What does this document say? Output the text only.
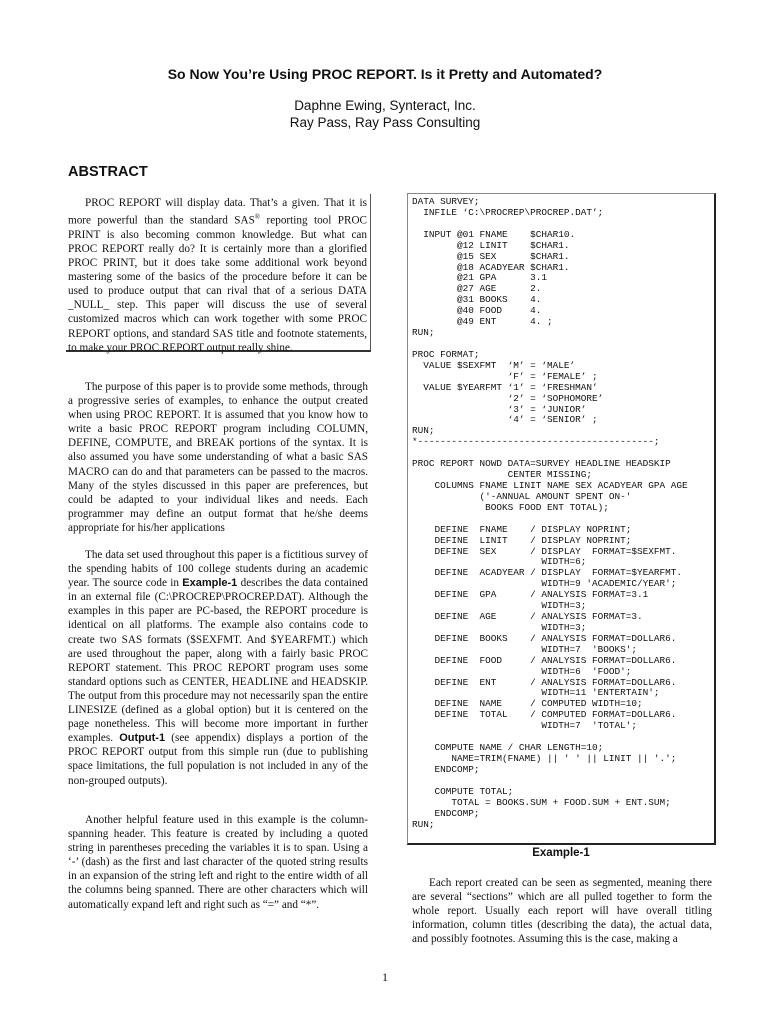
So Now You’re Using PROC REPORT. Is it Pretty and Automated?
Daphne Ewing, Synteract, Inc.
Ray Pass, Ray Pass Consulting
ABSTRACT

PROC REPORT will display data. That’s a given. That it is more powerful than the standard SAS® reporting tool PROC PRINT is also becoming common knowledge. But what can PROC REPORT really do? It is certainly more than a glorified PROC PRINT, but it does take some additional work beyond mastering some of the basics of the procedure before it can be used to produce output that can rival that of a serious DATA _NULL_ step. This paper will discuss the use of several customized macros which can work together with some PROC REPORT options, and standard SAS title and footnote statements, to make your PROC REPORT output really shine.

The purpose of this paper is to provide some methods, through a progressive series of examples, to enhance the output created when using PROC REPORT. It is assumed that you know how to write a basic PROC REPORT program including COLUMN, DEFINE, COMPUTE, and BREAK portions of the syntax. It is also assumed you have some understanding of what a basic SAS MACRO can do and that parameters can be passed to the macros. Many of the styles discussed in this paper are preferences, but could be adapted to your individual likes and needs. Each programmer may define an output format that he/she deems appropriate for his/her applications

The data set used throughout this paper is a fictitious survey of the spending habits of 100 college students during an academic year. The source code in Example-1 describes the data contained in an external file (C:\PROCREP\PROCREP.DAT). Although the examples in this paper are PC-based, the REPORT procedure is identical on all platforms. The example also contains code to create two SAS formats ($SEXFMT. And $YEARFMT.) which are used throughout the paper, along with a fairly basic PROC REPORT statement. This PROC REPORT program uses some standard options such as CENTER, HEADLINE and HEADSKIP. The output from this procedure may not necessarily span the entire LINESIZE (defined as a global option) but it is centered on the page nonetheless. This will become more important in further examples. Output-1 (see appendix) displays a portion of the PROC REPORT output from this simple run (due to publishing space limitations, the full population is not included in any of the non-grouped outputs).

Another helpful feature used in this example is the column-spanning header. This feature is created by including a quoted string in parentheses preceding the variables it is to span. Using a ‘-’ (dash) as the first and last character of the quoted string results in an expansion of the string left and right to the entire width of all the columns being spanned. There are other characters which will automatically expand left and right such as “=” and “*”.

DATA SURVEY;
INFILE ‘C:\PROCREP\PROCREP.DAT’;

INPUT @01 FNAME    $CHAR10.
@12 LINIT    $CHAR1.
@15 SEX      $CHAR1.
@18 ACADYEAR $CHAR1.
@21 GPA      3.1
@27 AGE      2.
@31 BOOKS    4.
@40 FOOD     4.
@49 ENT      4. ;
RUN;

PROC FORMAT;
VALUE $SEXFMT  ‘M’ = ‘MALE’
‘F’ = ‘FEMALE’ ;
VALUE $YEARFMT ‘1’ = ‘FRESHMAN’
‘2’ = ‘SOPHOMORE’
‘3’ = ‘JUNIOR’
‘4’ = ‘SENIOR’ ;
RUN;
*------------------------------------------;

PROC REPORT NOWD DATA=SURVEY HEADLINE HEADSKIP
CENTER MISSING;
COLUMNS FNAME LINIT NAME SEX ACADYEAR GPA AGE
('-ANNUAL AMOUNT SPENT ON-'
BOOKS FOOD ENT TOTAL);

DEFINE  FNAME    / DISPLAY NOPRINT;
DEFINE  LINIT    / DISPLAY NOPRINT;
DEFINE  SEX      / DISPLAY  FORMAT=$SEXFMT.
WIDTH=6;
DEFINE  ACADYEAR / DISPLAY  FORMAT=$YEARFMT.
WIDTH=9 'ACADEMIC/YEAR';
DEFINE  GPA      / ANALYSIS FORMAT=3.1
WIDTH=3;
DEFINE  AGE      / ANALYSIS FORMAT=3.
WIDTH=3;
DEFINE  BOOKS    / ANALYSIS FORMAT=DOLLAR6.
WIDTH=7  'BOOKS';
DEFINE  FOOD     / ANALYSIS FORMAT=DOLLAR6.
WIDTH=6  'FOOD';
DEFINE  ENT      / ANALYSIS FORMAT=DOLLAR6.
WIDTH=11 'ENTERTAIN';
DEFINE  NAME     / COMPUTED WIDTH=10;
DEFINE  TOTAL    / COMPUTED FORMAT=DOLLAR6.
WIDTH=7  'TOTAL';

COMPUTE NAME / CHAR LENGTH=10;
NAME=TRIM(FNAME) || ' ' || LINIT || '.';
ENDCOMP;

COMPUTE TOTAL;
TOTAL = BOOKS.SUM + FOOD.SUM + ENT.SUM;
ENDCOMP;
RUN;
Example-1

Each report created can be seen as segmented, meaning there are several “sections” which are all pulled together to form the whole report. Usually each report will have overall titling information, column titles (describing the data), the actual data, and possibly footnotes. Assuming this is the case, making a

1
